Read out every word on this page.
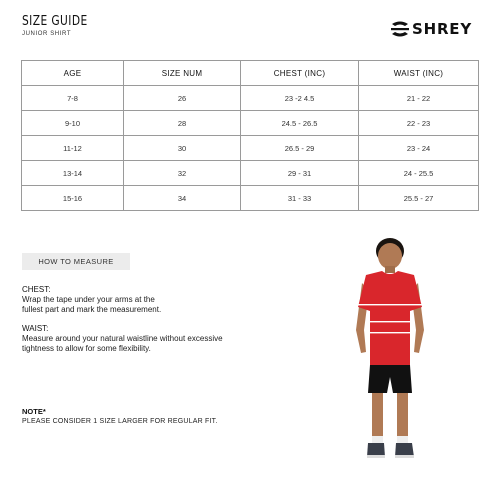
SIZE GUIDE
JUNIOR SHIRT	SHREY
AGE	SIZE NUM	CHEST (INC)	WAIST (INC)
7-8	26	23 -2 4.5	21 - 22
9-10	28	24.5 - 26.5	22 - 23
11-12	30	26.5 - 29	23 - 24
13-14	32	29 - 31	24 - 25.5
15-16	34	31 - 33	25.5 - 27
HOW TO MEASURE
CHEST:
Wrap the tape under your arms at the
fullest part and mark the measurement.
WAIST:
Measure around your natural waistline without excessive
tightness to allow for some flexibility.
NOTE*
PLEASE CONSIDER 1 SIZE LARGER FOR REGULAR FIT.
